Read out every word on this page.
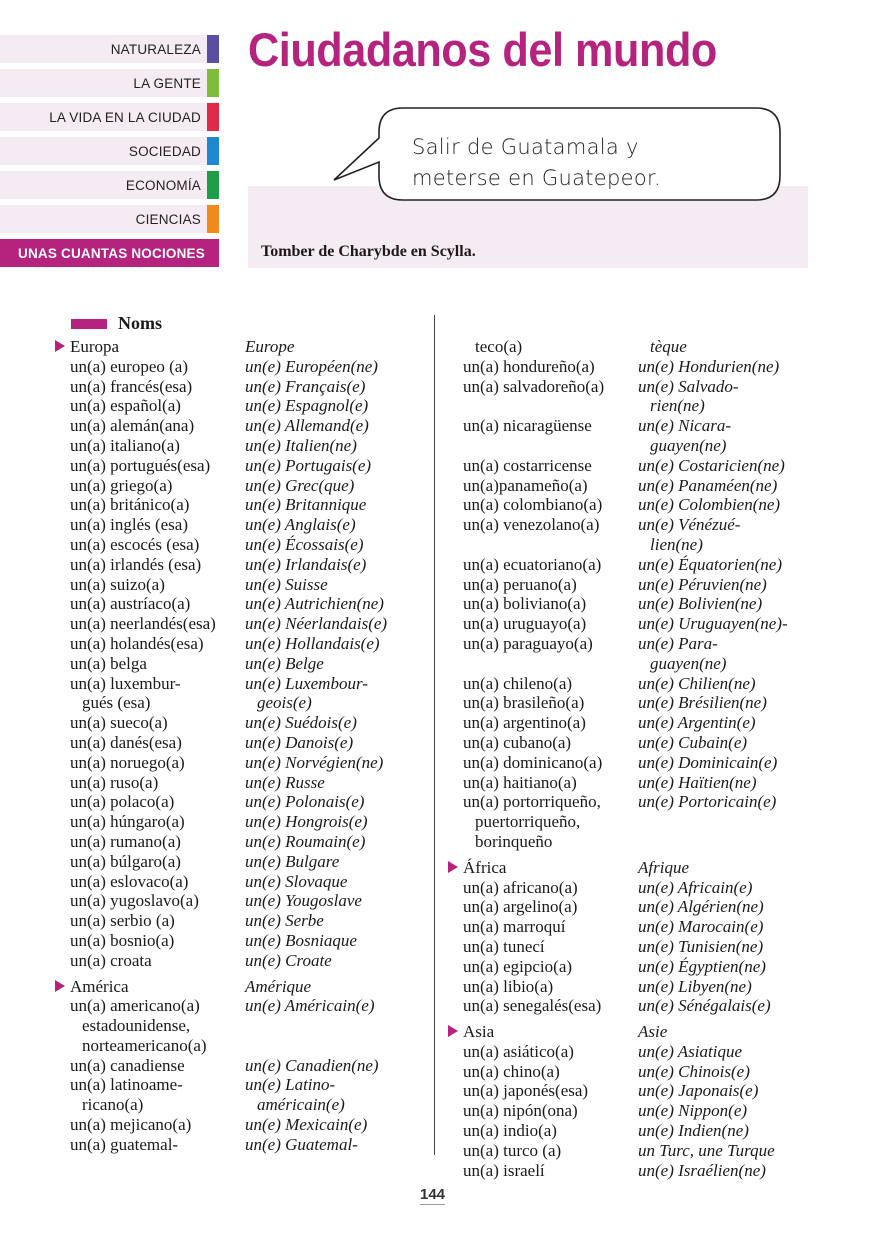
NATURALEZA
LA GENTE
LA VIDA EN LA CIUDAD
SOCIEDAD
ECONOMÍA
CIENCIAS
UNAS CUANTAS NOCIONES
Ciudadanos del mundo
Salir de Guatamala y
meterse en Guatepeor.
Tomber de Charybde en Scylla.
Noms
Europa	Europe
un(a) europeo (a)	un(e) Européen(ne)
un(a) francés(esa)	un(e) Français(e)
un(a) español(a)	un(e) Espagnol(e)
un(a) alemán(ana)	un(e) Allemand(e)
un(a) italiano(a)	un(e) Italien(ne)
un(a) portugués(esa)	un(e) Portugais(e)
un(a) griego(a)	un(e) Grec(que)
un(a) británico(a)	un(e) Britannique
un(a) inglés (esa)	un(e) Anglais(e)
un(a) escocés (esa)	un(e) Écossais(e)
un(a) irlandés (esa)	un(e) Irlandais(e)
un(a) suizo(a)	un(e) Suisse
un(a) austríaco(a)	un(e) Autrichien(ne)
un(a) neerlandés(esa)	un(e) Néerlandais(e)
un(a) holandés(esa)	un(e) Hollandais(e)
un(a) belga	un(e) Belge
un(a) luxembur-	un(e) Luxembour-
gués (esa)	geois(e)
un(a) sueco(a)	un(e) Suédois(e)
un(a) danés(esa)	un(e) Danois(e)
un(a) noruego(a)	un(e) Norvégien(ne)
un(a) ruso(a)	un(e) Russe
un(a) polaco(a)	un(e) Polonais(e)
un(a) húngaro(a)	un(e) Hongrois(e)
un(a) rumano(a)	un(e) Roumain(e)
un(a) búlgaro(a)	un(e) Bulgare
un(a) eslovaco(a)	un(e) Slovaque
un(a) yugoslavo(a)	un(e) Yougoslave
un(a) serbio (a)	un(e) Serbe
un(a) bosnio(a)	un(e) Bosniaque
un(a) croata	un(e) Croate
América	Amérique
un(a) americano(a)	un(e) Américain(e)
estadounidense,
norteamericano(a)
un(a) canadiense	un(e) Canadien(ne)
un(a) latinoame-	un(e) Latino-
ricano(a)	américain(e)
un(a) mejicano(a)	un(e) Mexicain(e)
un(a) guatemal-	un(e) Guatemal-
teco(a)	tèque
un(a) hondureño(a)	un(e) Hondurien(ne)
un(a) salvadoreño(a)	un(e) Salvado-
rien(ne)
un(a) nicaragüense	un(e) Nicara-
guayen(ne)
un(a) costarricense	un(e) Costaricien(ne)
un(a)panameño(a)	un(e) Panaméen(ne)
un(a) colombiano(a)	un(e) Colombien(ne)
un(a) venezolano(a)	un(e) Vénézué-
lien(ne)
un(a) ecuatoriano(a)	un(e) Équatorien(ne)
un(a) peruano(a)	un(e) Péruvien(ne)
un(a) boliviano(a)	un(e) Bolivien(ne)
un(a) uruguayo(a)	un(e) Uruguayen(ne)-
un(a) paraguayo(a)	un(e) Para-
guayen(ne)
un(a) chileno(a)	un(e) Chilien(ne)
un(a) brasileño(a)	un(e) Brésilien(ne)
un(a) argentino(a)	un(e) Argentin(e)
un(a) cubano(a)	un(e) Cubain(e)
un(a) dominicano(a)	un(e) Dominicain(e)
un(a) haitiano(a)	un(e) Haïtien(ne)
un(a) portorriqueño,	un(e) Portoricain(e)
puertorriqueño,
borinqueño
África	Afrique
un(a) africano(a)	un(e) Africain(e)
un(a) argelino(a)	un(e) Algérien(ne)
un(a) marroquí	un(e) Marocain(e)
un(a) tunecí	un(e) Tunisien(ne)
un(a) egipcio(a)	un(e) Égyptien(ne)
un(a) libio(a)	un(e) Libyen(ne)
un(a) senegalés(esa)	un(e) Sénégalais(e)
Asia	Asie
un(a) asiático(a)	un(e) Asiatique
un(a) chino(a)	un(e) Chinois(e)
un(a) japonés(esa)	un(e) Japonais(e)
un(a) nipón(ona)	un(e) Nippon(e)
un(a) indio(a)	un(e) Indien(ne)
un(a) turco (a)	un Turc, une Turque
un(a) israelí	un(e) Israélien(ne)
144
